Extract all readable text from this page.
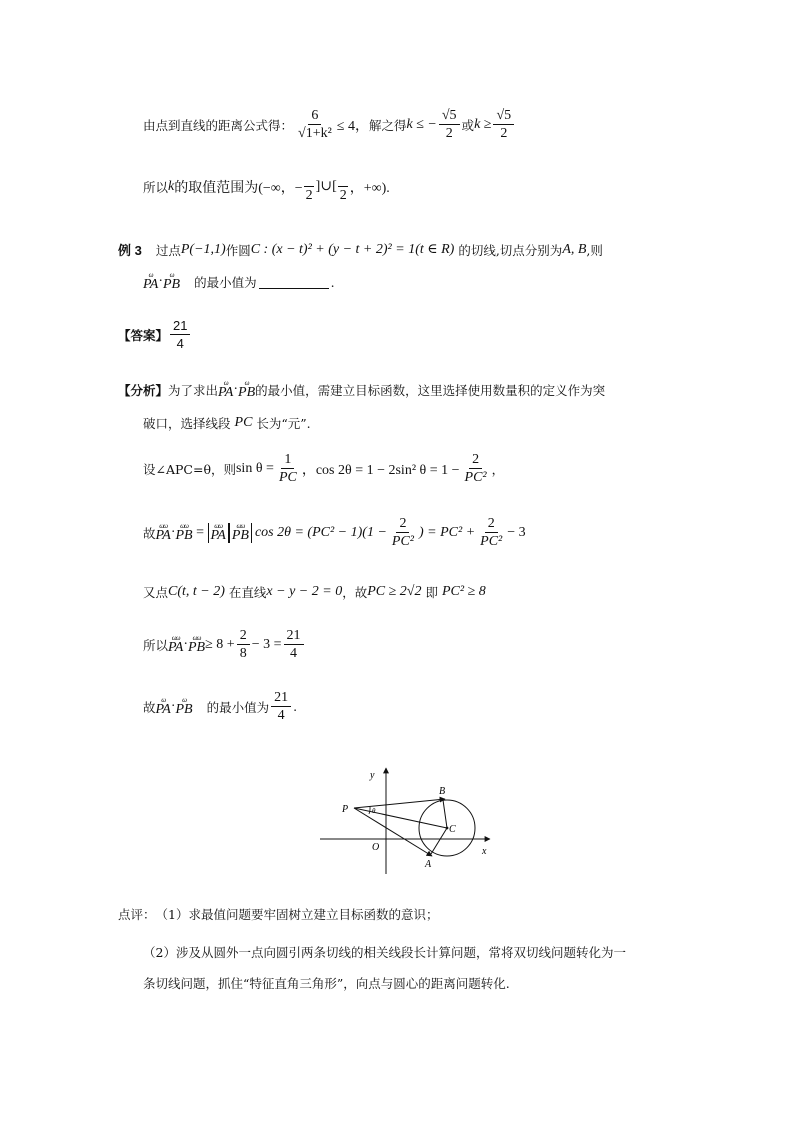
由点到直线的距离公式得： $\frac{6}{\text{√1+k²}} \le 4$， 解之得 k ≤ − $\frac{√5}{2}$ 或 $k \ge \frac{√5}{2}$
所以 k 的取值范围为(−∞，−
2
]∪[

2 ，+∞).
例 3 过点 P(−1,1) 作圆 C : (x − t)² + (y − t + 2)² = 1(t ∈ R) 的切线,切点分别为 A, B ,则
ω
PA · ω
PB 的最小值为	.
【答案】 $\frac{21}{4}$
【分析】 为了求出 ω
PA · ω
PB 的最小值，需建立目标函数，这里选择使用数量积的定义作为突
破口，选择线段 PC 长为“元”.
设∠APC=θ，则 $\sin \theta = \frac{1}{PC}$ ，cos 2θ = 1 − 2sin² $\theta = 1 - \frac{2}{\text{PC²}}$ ，
故 ωω
PA · ωω
PB = ωω
PA
ωω
PB $\cos 2\theta = (PC^2 - 1)(1 - \frac{2}{\text{PC²}}$ ) = $PC^2 + \frac{2}{\text{PC²}} - 3$
又点 C(t, t − 2) 在直线 x − y − 2 = 0 ，故 PC ≥ 2√2 即 PC² ≥ 8
所以 ωω
PA · ωω
PB ≥ $8 + \frac{2}{8} - 3 = \frac{21}{4}$
故 ω
PA · ω
PB 的最小值为 $\frac{21}{4}$ .
y
x
O
P
B
C
A
θ
点评： （1）求最值问题要牢固树立建立目标函数的意识；
（2）涉及从圆外一点向圆引两条切线的相关线段长计算问题，常将双切线问题转化为一
条切线问题，抓住“特征直角三角形”，向点与圆心的距离问题转化.
